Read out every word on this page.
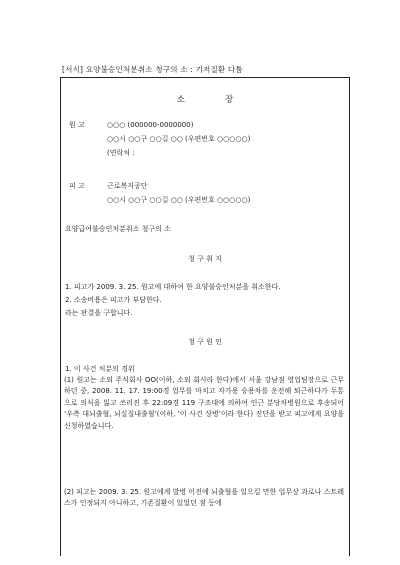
[서식] 요양불승인처분취소 청구의 소 : 기저질환 다툼
소	장
원 고	○○○ (000000-0000000)
○○시 ○○구 ○○길 ○○ (우편번호 ○○○○○)
(연락처 :
피 고	근로복지공단
○○시 ○○구 ○○길 ○○ (우편번호 ○○○○○)
요양급여불승인처분취소 청구의 소
청 구 취 지
1. 피고가 2009. 3. 25. 원고에 대하여 한 요양불승인처분을 취소한다.
2. 소송비용은 피고가 부담한다.
라는 판결을 구합니다.
청 구 원 인
1. 이 사건 처분의 경위

(1) 원고는 소외 주식회사 OO(이하, 소외 회사라 한다)에서 서울 강남점 영업팀장으로 근무하던 중, 2008. 11. 17. 19:00경 업무를 마치고 자가용 승용차를 운전해 퇴근하다가 두통으로 의식을 잃고 쓰러진 후 22:09경 119 구조대에 의하여 인근 분당차병원으로 후송되어 ‘우측 대뇌출혈, 뇌실질내출혈’(이하, ‘이 사건 상병’이라 한다) 진단을 받고 피고에게 요양을 신청하였습니다.

(2) 피고는 2009. 3. 25. 원고에게 발병 이전에 뇌출혈을 일으킬 만한 업무상 과로나 스트레스가 인정되지 아니하고, 기존질환이 있었던 점 등에
